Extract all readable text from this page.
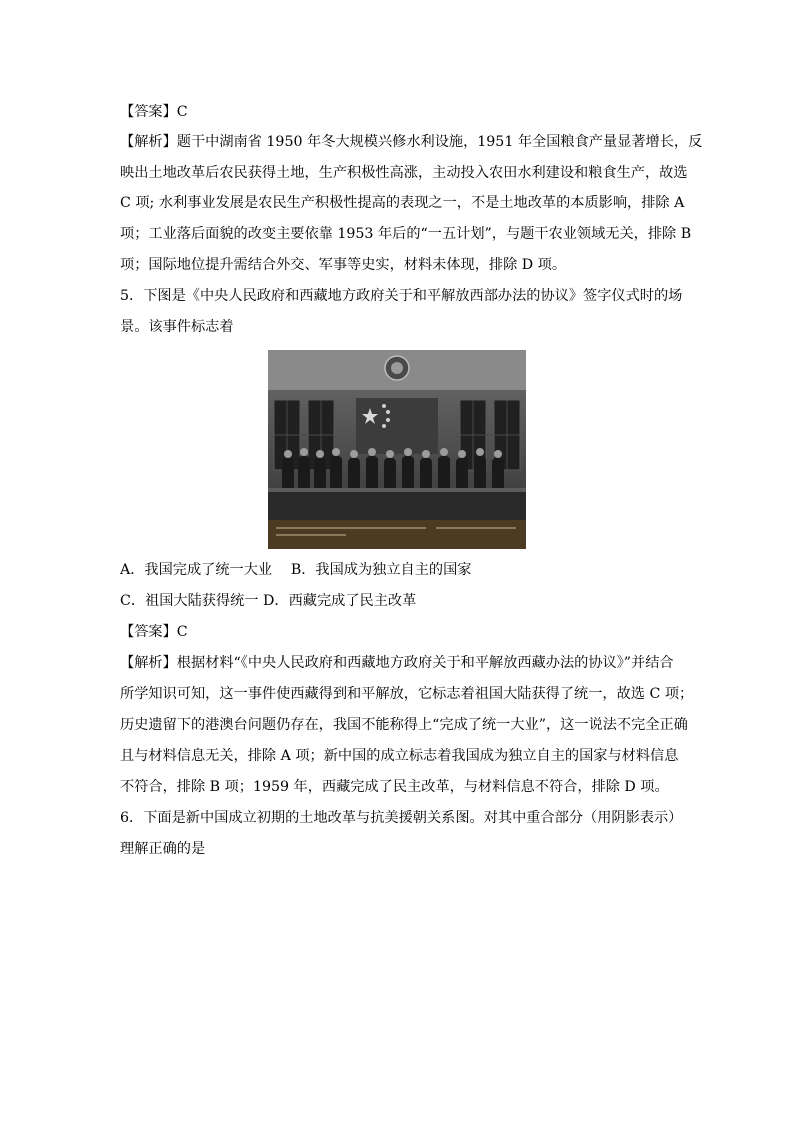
【答案】C
【解析】题干中湖南省 1950 年冬大规模兴修水利设施，1951 年全国粮食产量显著增长，反
映出土地改革后农民获得土地，生产积极性高涨，主动投入农田水利建设和粮食生产，故选
C 项; 水利事业发展是农民生产积极性提高的表现之一，不是土地改革的本质影响，排除 A
项；工业落后面貌的改变主要依靠 1953 年后的“一五计划”，与题干农业领域无关，排除 B
项；国际地位提升需结合外交、军事等史实，材料未体现，排除 D 项。
5．下图是《中央人民政府和西藏地方政府关于和平解放西部办法的协议》签字仪式时的场
景。该事件标志着
A．我国完成了统一大业　 B．我国成为独立自主的国家
C．祖国大陆获得统一 D．西藏完成了民主改革
【答案】C
【解析】根据材料“《中央人民政府和西藏地方政府关于和平解放西藏办法的协议》”并结合
所学知识可知，这一事件使西藏得到和平解放，它标志着祖国大陆获得了统一，故选 C 项；
历史遗留下的港澳台问题仍存在，我国不能称得上“完成了统一大业”，这一说法不完全正确
且与材料信息无关，排除 A 项；新中国的成立标志着我国成为独立自主的国家与材料信息
不符合，排除 B 项；1959 年，西藏完成了民主改革，与材料信息不符合，排除 D 项。
6．下面是新中国成立初期的土地改革与抗美援朝关系图。对其中重合部分（用阴影表示）
理解正确的是
